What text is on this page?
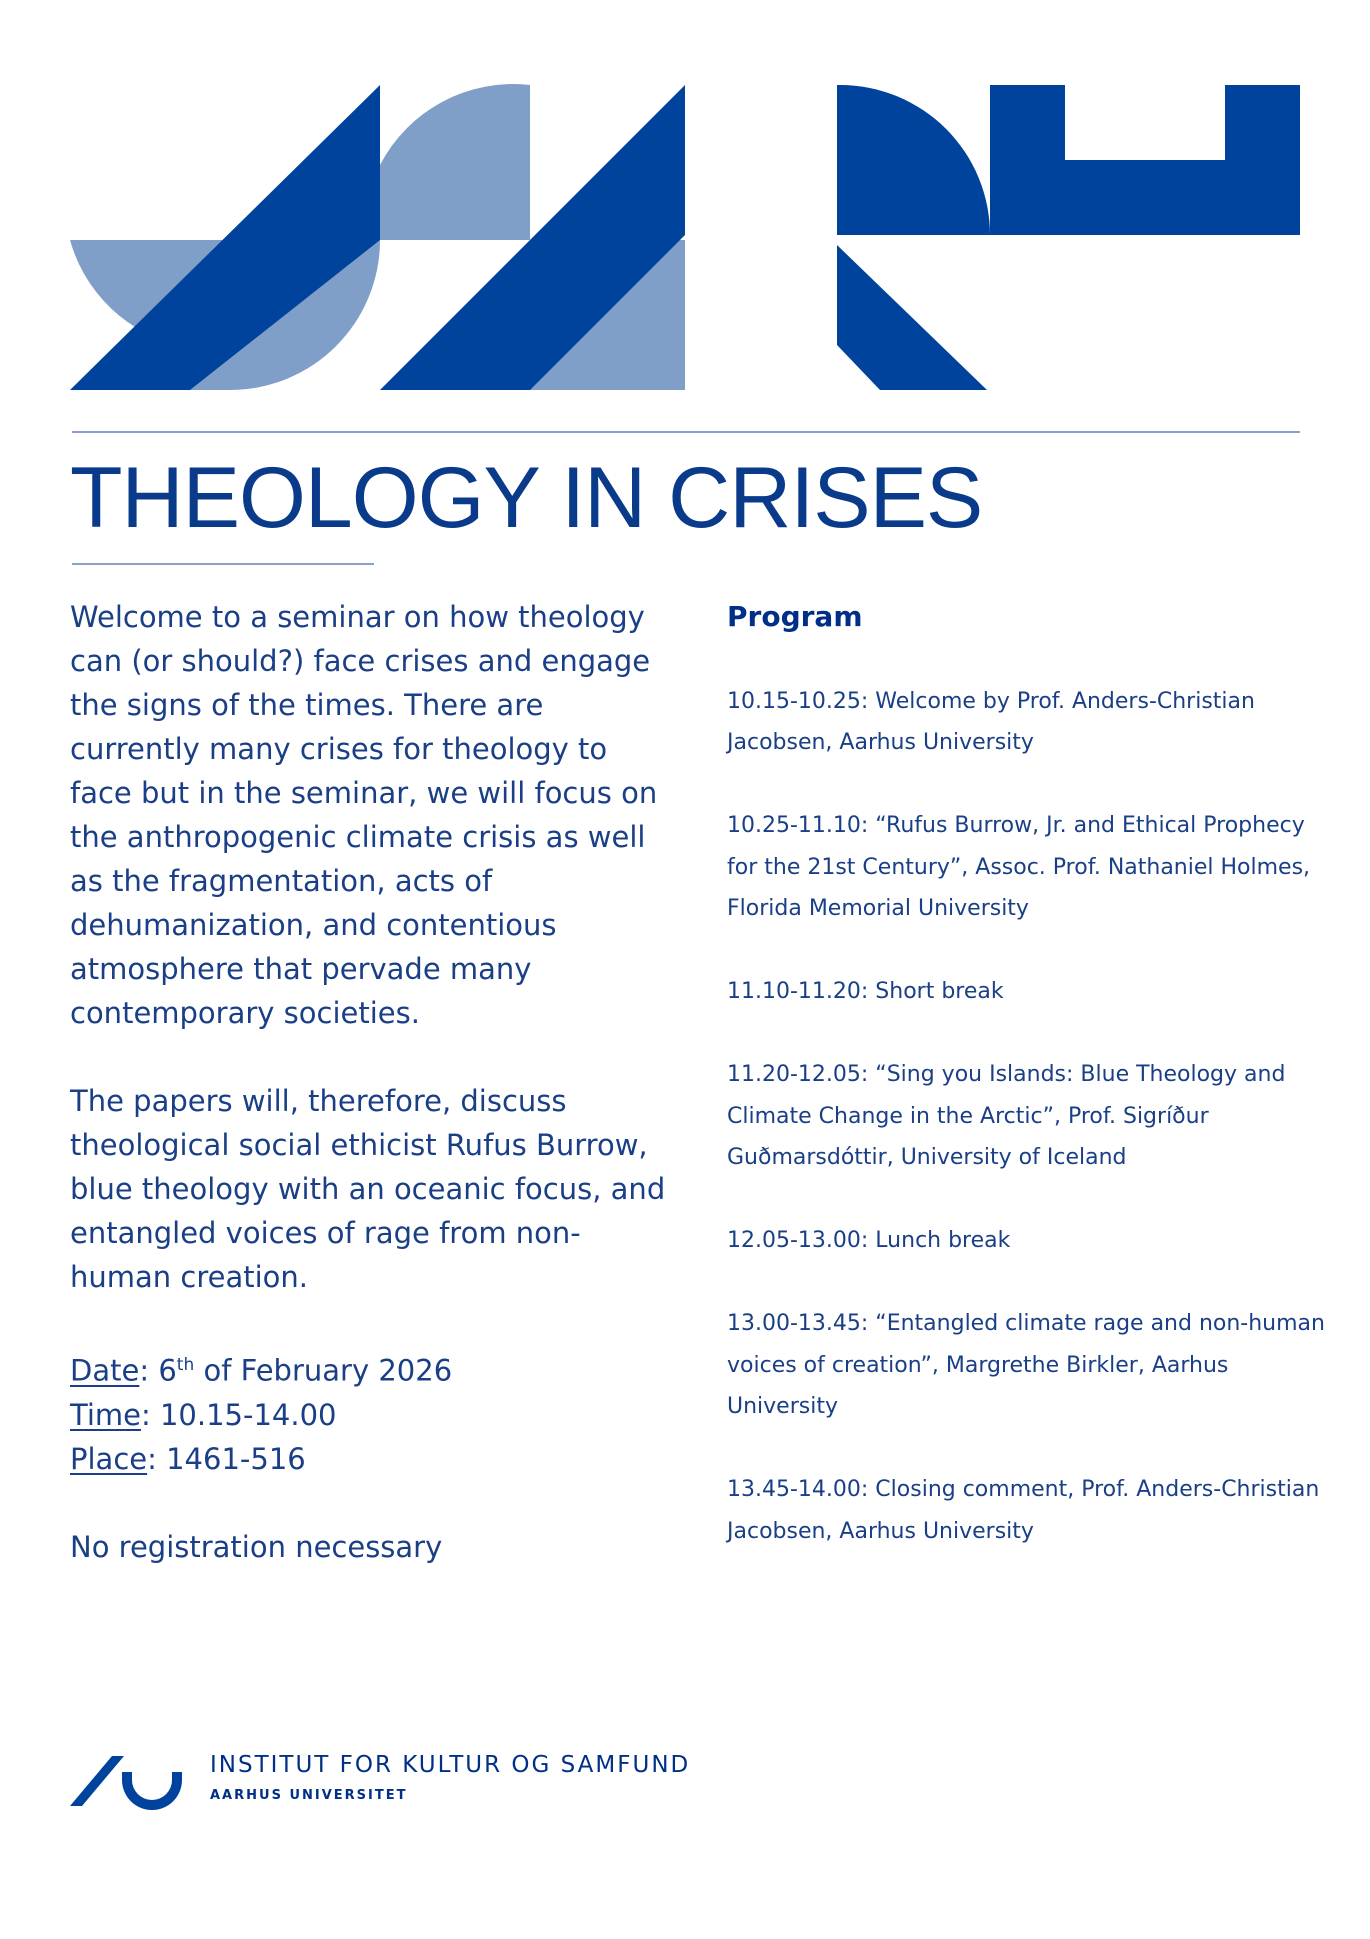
THEOLOGY IN CRISES

Welcome to a seminar on how theology can (or should?) face crises and engage the signs of the times. There are currently many crises for theology to face but in the seminar, we will focus on the anthropogenic climate crisis as well as the fragmentation, acts of dehumanization, and contentious atmosphere that pervade many contemporary societies.

The papers will, therefore, discuss theological social ethicist Rufus Burrow, blue theology with an oceanic focus, and entangled voices of rage from non-human creation.

Date: 6th of February 2026
Time: 10.15-14.00
Place: 1461-516

No registration necessary

Program
10.15-10.25: Welcome by Prof. Anders-Christian Jacobsen, Aarhus University
10.25-11.10: “Rufus Burrow, Jr. and Ethical Prophecy for the 21st Century”, Assoc. Prof. Nathaniel Holmes, Florida Memorial University
11.10-11.20: Short break
11.20-12.05: “Sing you Islands: Blue Theology and Climate Change in the Arctic”, Prof. Sigríður Guðmarsdóttir, University of Iceland
12.05-13.00: Lunch break
13.00-13.45: “Entangled climate rage and non-human voices of creation”, Margrethe Birkler, Aarhus University
13.45-14.00: Closing comment, Prof. Anders-Christian Jacobsen, Aarhus University
INSTITUT FOR KULTUR OG SAMFUND
AARHUS UNIVERSITET
